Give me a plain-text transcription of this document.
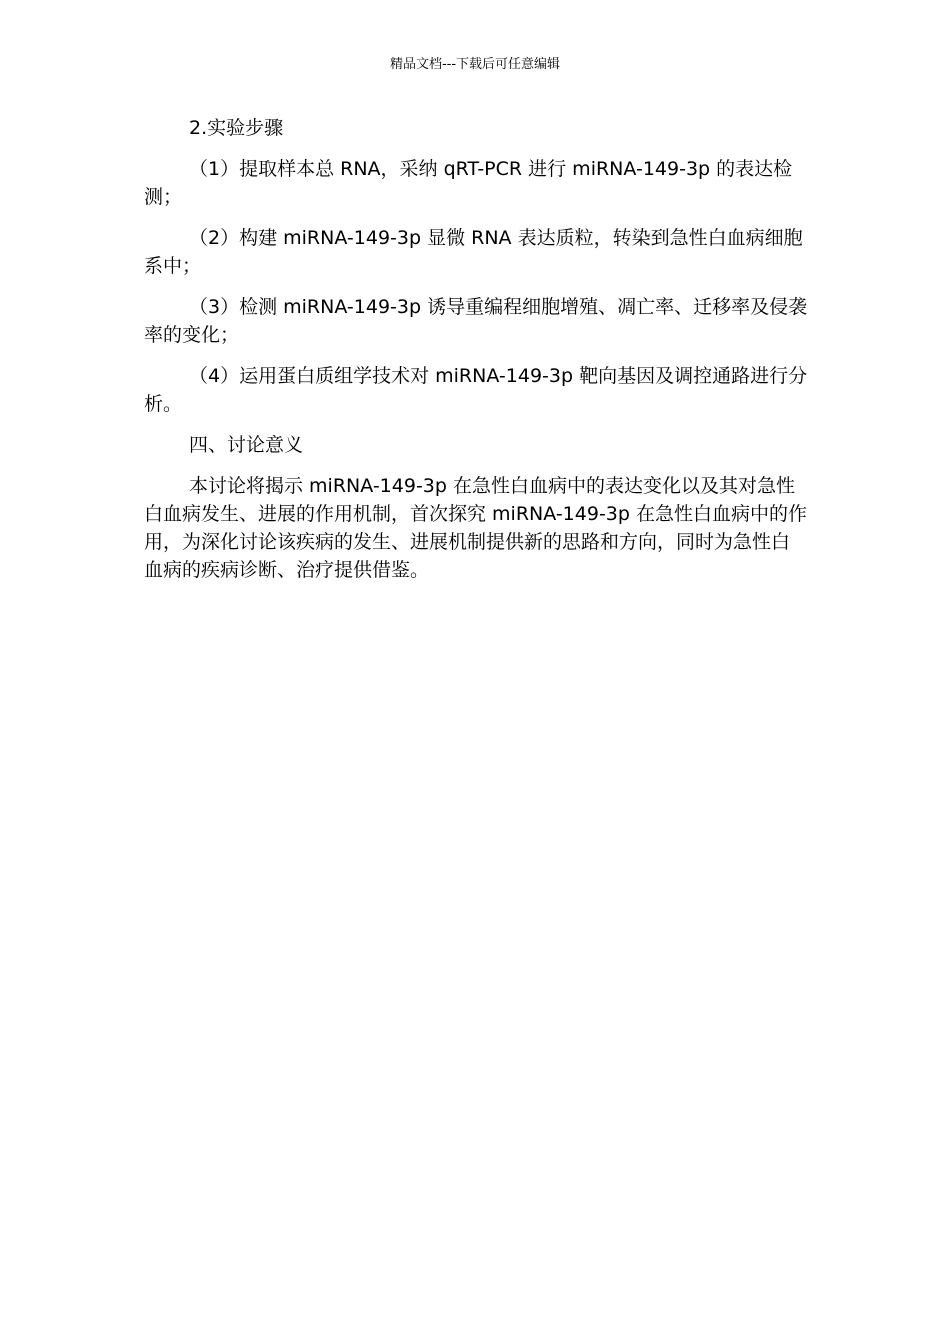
精品文档---下载后可任意编辑

2.实验步骤

（1）提取样本总 RNA，采纳 qRT-PCR 进行 miRNA-149-3p 的表达检测；

（2）构建 miRNA-149-3p 显微 RNA 表达质粒，转染到急性白血病细胞系中；

（3）检测 miRNA-149-3p 诱导重编程细胞增殖、凋亡率、迁移率及侵袭率的变化；

（4）运用蛋白质组学技术对 miRNA-149-3p 靶向基因及调控通路进行分析。

四、讨论意义

本讨论将揭示 miRNA-149-3p 在急性白血病中的表达变化以及其对急性白血病发生、进展的作用机制，首次探究 miRNA-149-3p 在急性白血病中的作用，为深化讨论该疾病的发生、进展机制提供新的思路和方向，同时为急性白血病的疾病诊断、治疗提供借鉴。
